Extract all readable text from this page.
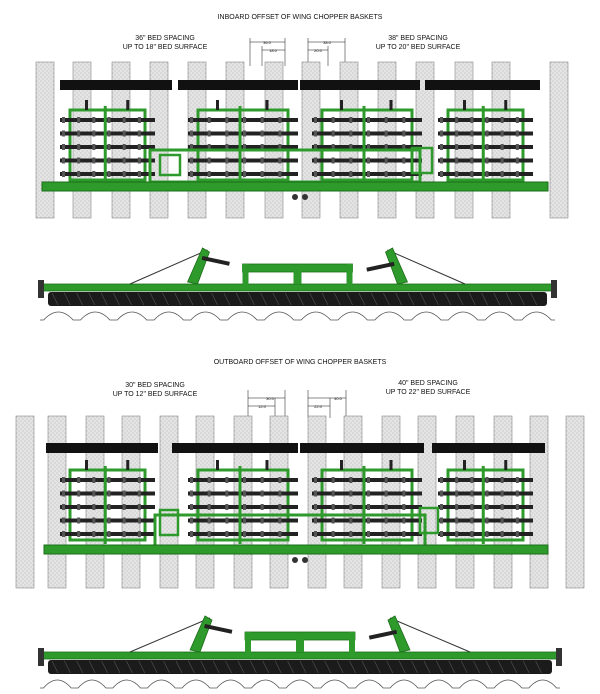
INBOARD OFFSET OF WING CHOPPER BASKETS
36" BED SPACING
UP TO 18" BED SURFACE
38" BED SPACING
UP TO 20" BED SURFACE
36.0
18.0
38.0
20.0
OUTBOARD OFFSET OF WING CHOPPER BASKETS
30" BED SPACING
UP TO 12" BED SURFACE
40" BED SPACING
UP TO 22" BED SURFACE
30.0
12.0
40.0
22.0
